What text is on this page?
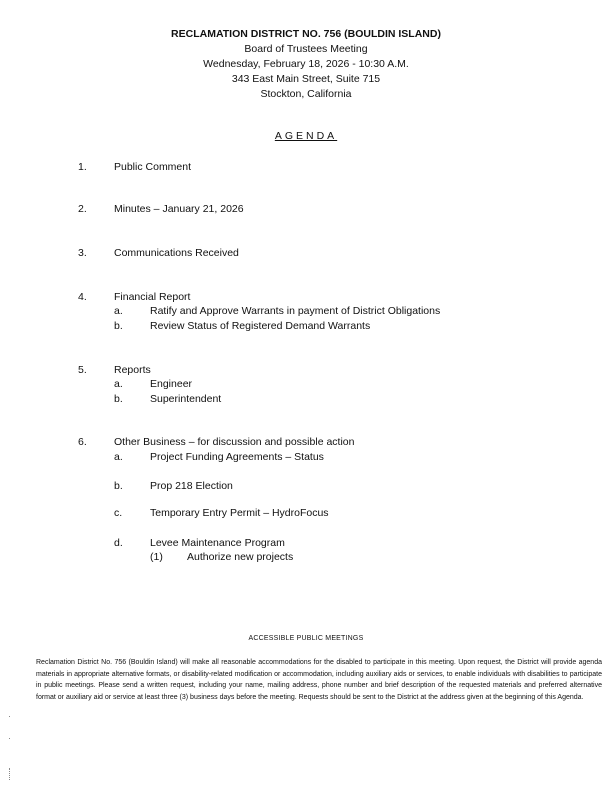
RECLAMATION DISTRICT NO. 756 (BOULDIN ISLAND)
Board of Trustees Meeting
Wednesday, February 18, 2026 - 10:30 A.M.
343 East Main Street, Suite 715
Stockton, California
AGENDA
1.	Public Comment
2.	Minutes – January 21, 2026
3.	Communications Received
4.	Financial Report
a.	Ratify and Approve Warrants in payment of District Obligations
b.	Review Status of Registered Demand Warrants
5.	Reports
a.	Engineer
b.	Superintendent
6.	Other Business – for discussion and possible action
a.	Project Funding Agreements – Status
b.	Prop 218 Election
c.	Temporary Entry Permit – HydroFocus
d.	Levee Maintenance Program
(1) Authorize new projects
ACCESSIBLE PUBLIC MEETINGS
Reclamation District No. 756 (Bouldin Island) will make all reasonable accommodations for the disabled to participate in this meeting. Upon request, the District will provide agenda materials in appropriate alternative formats, or disability-related modification or accommodation, including auxiliary aids or services, to enable individuals with disabilities to participate in public meetings. Please send a written request, including your name, mailing address, phone number and brief description of the requested materials and preferred alternative format or auxiliary aid or service at least three (3) business days before the meeting. Requests should be sent to the District at the address given at the beginning of this Agenda.
